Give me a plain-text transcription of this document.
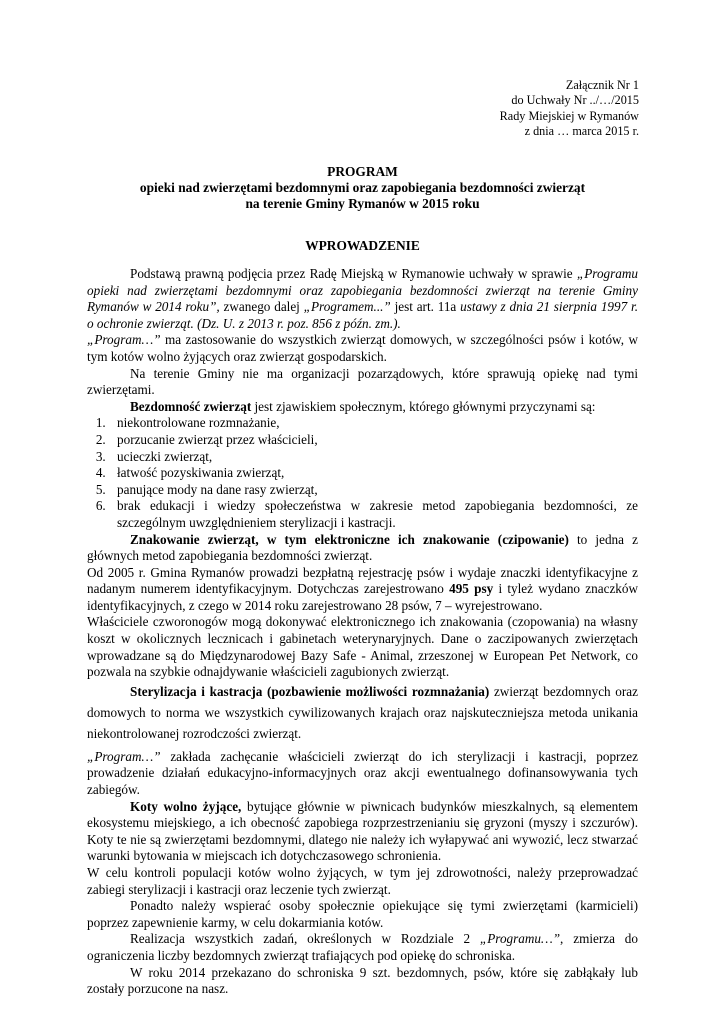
Załącznik Nr 1
do Uchwały Nr ../…/2015
Rady Miejskiej w Rymanów
z dnia … marca 2015 r.
PROGRAM
opieki nad zwierzętami bezdomnymi oraz zapobiegania bezdomności zwierząt
na terenie Gminy Rymanów w 2015 roku
WPROWADZENIE

Podstawą prawną podjęcia przez Radę Miejską w Rymanowie uchwały w sprawie „Programu opieki nad zwierzętami bezdomnymi oraz zapobiegania bezdomności zwierząt na terenie Gminy Rymanów w 2014 roku”, zwanego dalej „Programem...” jest art. 11a ustawy z dnia 21 sierpnia 1997 r. o ochronie zwierząt. (Dz. U. z 2013 r. poz. 856 z późn. zm.).

„Program…” ma zastosowanie do wszystkich zwierząt domowych, w szczególności psów i kotów, w tym kotów wolno żyjących oraz zwierząt gospodarskich.

Na terenie Gminy nie ma organizacji pozarządowych, które sprawują opiekę nad tymi zwierzętami.

Bezdomność zwierząt jest zjawiskiem społecznym, którego głównymi przyczynami są:

1. niekontrolowane rozmnażanie,
2. porzucanie zwierząt przez właścicieli,
3. ucieczki zwierząt,
4. łatwość pozyskiwania zwierząt,
5. panujące mody na dane rasy zwierząt,
6. brak edukacji i wiedzy społeczeństwa w zakresie metod zapobiegania bezdomności, ze szczególnym uwzględnieniem sterylizacji i kastracji.

Znakowanie zwierząt, w tym elektroniczne ich znakowanie (czipowanie) to jedna z głównych metod zapobiegania bezdomności zwierząt.

Od 2005 r. Gmina Rymanów prowadzi bezpłatną rejestrację psów i wydaje znaczki identyfikacyjne z nadanym numerem identyfikacyjnym. Dotychczas zarejestrowano 495 psy i tyleż wydano znaczków identyfikacyjnych, z czego w 2014 roku zarejestrowano 28 psów, 7 – wyrejestrowano.

Właściciele czworonogów mogą dokonywać elektronicznego ich znakowania (czopowania) na własny koszt w okolicznych lecznicach i gabinetach weterynaryjnych. Dane o zaczipowanych zwierzętach wprowadzane są do Międzynarodowej Bazy Safe - Animal, zrzeszonej w European Pet Network, co pozwala na szybkie odnajdywanie właścicieli zagubionych zwierząt.

Sterylizacja i kastracja (pozbawienie możliwości rozmnażania) zwierząt bezdomnych oraz domowych to norma we wszystkich cywilizowanych krajach oraz najskuteczniejsza metoda unikania niekontrolowanej rozrodczości zwierząt.

„Program…” zakłada zachęcanie właścicieli zwierząt do ich sterylizacji i kastracji, poprzez prowadzenie działań edukacyjno-informacyjnych oraz akcji ewentualnego dofinansowywania tych zabiegów.

Koty wolno żyjące, bytujące głównie w piwnicach budynków mieszkalnych, są elementem ekosystemu miejskiego, a ich obecność zapobiega rozprzestrzenianiu się gryzoni (myszy i szczurów). Koty te nie są zwierzętami bezdomnymi, dlatego nie należy ich wyłapywać ani wywozić, lecz stwarzać warunki bytowania w miejscach ich dotychczasowego schronienia.

W celu kontroli populacji kotów wolno żyjących, w tym jej zdrowotności, należy przeprowadzać zabiegi sterylizacji i kastracji oraz leczenie tych zwierząt.

Ponadto należy wspierać osoby społecznie opiekujące się tymi zwierzętami (karmicieli) poprzez zapewnienie karmy, w celu dokarmiania kotów.

Realizacja wszystkich zadań, określonych w Rozdziale 2 „Programu…”, zmierza do ograniczenia liczby bezdomnych zwierząt trafiających pod opiekę do schroniska.

W roku 2014 przekazano do schroniska 9 szt. bezdomnych, psów, które się zabłąkały lub zostały porzucone na nasz.
